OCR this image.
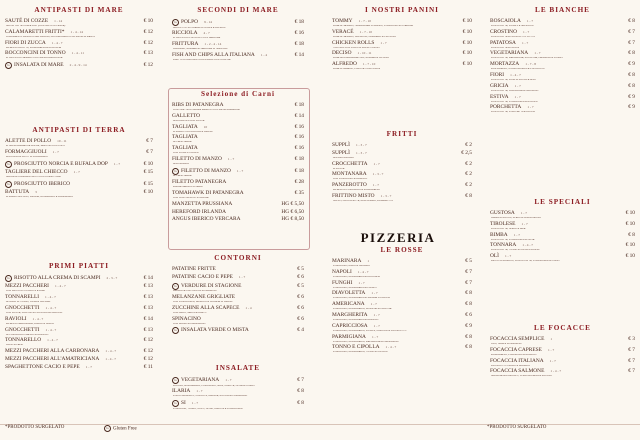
ANTIPASTI DI MARE
SAUTÉ DI COZZE 1 - 14	€ 10
"SAUTÉ" LATTE COZZE DOP (CON PESTO DI PESCE)
CALAMARETTI FRITTI* 1 - 4 - 14	€ 12
"CONDIMENTO PESCATO DEL GIORNO, ACCOMPAGNATO DA SALSA DI MENTA"
FIORI DI ZUCCA 1 - 4 - 7	€ 12
"RIPIENI DI RICOTTA, MOZZARELLA E ACCIUGHE"
BOCCONCINI DI TONNO 1 - 4 - 11	€ 13
"IN CROSTA DI SESAMO CON SALSA AGRODOLCE"
G INSALATA DI MARE 2 - 4 - 9 - 14	€ 12
ANTIPASTI DI TERRA
ALETTE DI POLLO 10 - 11	€ 7
"IN SALSA BARBECUE DOLCE, SERVITE CON CHIPS"
FORMAGGIUOLI 1 - 7	€ 7
"BOCCONCINI FRITTI DI FORMAGGIO"
G PROSCIUTTO NORCIA E BUFALA DOP 1 - 7	€ 10
TAGLIERE DEL CHIECCO 1 - 7	€ 15
"SALUMI E FORMAGGI MISTI CON CONFETTURE"
G PROSCIUTTO IBERICO	€ 15
BATTUTA 3	€ 10
"DI MANZO ALL'OLIO, LIMONE, ROSMARINO E PARMIGIANO"
PRIMI PIATTI
G RISOTTO ALLA CREMA DI SCAMPI 2 - 3 - 7	€ 14
MEZZI PACCHERI 1 - 4 - 7	€ 13
"CON PESTO DI PISTACCHI E LIME"
TONNARELLI 1 - 4 - 7	€ 13
"AL RAGÙ DI TONNO, OLIVE E CAPPERI"
GNOCCHETTI 1 - 4 - 7	€ 13
"CON PATATE, PACHINO E PROVOLA AFFUMICATA"
RAVIOLI 1 - 4 - 7	€ 14
"RIPIENI DI MELANZANE, BURRO E SALVIA"
GNOCCHETTI 1 - 4 - 7	€ 13
"AL POMODORO FRESCO E BASILICO"
TONNARELLO 1 - 4 - 7	€ 12
"CACIO E PEPE"
MEZZI PACCHERI ALLA CARBONARA 1 - 4 - 7	€ 12
MEZZI PACCHERI ALL'AMATRICIANA 1 - 4 - 7	€ 12
SPAGHETTONE CACIO E PEPE 1 - 7	€ 11
SECONDI DI MARE
G POLPO 9 - 14	€ 18
"ARROSTITO SU CREMA DI PATATE E PAPRIKA"
RICCIOLA 4 - 7	€ 16
"IN CROSTA DI PISTACCHI CON VERDURE"
FRITTURA 1 - 2 - 4 - 14	€ 18
"CALAMARI, GAMBERI E VERDURE IN TEMPURA"
FISH AND CHIPS ALLA ITALIANA 1 - 4	€ 14
"FILETTO DI BACCALÀ IN PASTELLA CON PATATINE"
Selezione di Carni
RIBS DI PATANEGRA	€ 18
"COSTOLETTE DI MAIALE IBERICO CON SALSA BARBECUE"
GALLETTO	€ 14
"ALLA DIAVOLA CON PATATE"
TAGLIATA 10	€ 16
"DI MANZO CON RUCOLA E GRANA"
TAGLIATA	€ 16
"AL PEPE VERDE"
TAGLIATA	€ 16
"CON FUNGHI PORCINI"
FILETTO DI MANZO 1 - 7	€ 18
"ALLA GRIGLIA"
G FILETTO DI MANZO 1 - 7	€ 18
"AL PEPE VERDE"
FILETTO PATANEGRA	€ 28
"MAIALE IBERICO AI FERRI"
TOMAHAWK DI PATANEGRA	€ 35
"CON CONTORNO DI STAGIONE"
MANZETTA PRUSSIANA	HG € 5,50
HEREFORD IRLANDA	HG € 6,50
ANGUS IBERICO VERCARA	HG € 8,50
CONTORNI
PATATINE FRITTE	€ 5
PATATINE CACIO E PEPE 1 - 7	€ 6
G VERDURE DI STAGIONE	€ 5
"GRIGLIATE CON OLIO AL ROSMARINO"
MELANZANE GRIGLIATE	€ 6
"CON POMODORINI, BASILICO E SCAGLIE DI GRANA"
ZUCCHINE ALLA SCAPECE 1 - 4	€ 6
"CON AGLIO, MENTA E ACETO"
SPINACINO	€ 6
"CON BURRO E PARMIGIANO"
G INSALATA VERDE O MISTA	€ 4
INSALATE
G VEGETARIANA 1 - 7	€ 7
"RUCOLA, MOZZARELLA, POMODORO, MAIS, CAROTE, OLIVE E FUNGHI"
ILARIA 1 - 7	€ 8
"POLLO GRIGLIATO, FINOCCHI, ARANCE, RUCOLA E FORMAGGIO"
G SI 1 - 7	€ 8
"POMODORI, TONNO, UOVO, OLIVE, CAROTE E POMODORINI"
I NOSTRI PANINI
TOMMY 1 - 7 - 10	€ 10
"PANE AL SESAMO, HAMBURGER DI MANZO, POMODORO E CHEDDAR"
VERACÉ 1 - 7 - 10	€ 10
"PANE AL SESAMO, SALSICCIA, FRIARIELLI E PROVOLA"
CHICKEN ROLLS 1 - 7	€ 10
"TORTILLA CON POLLO E SALSA YOGURT"
DECISO 1 - 10 - 11	€ 10
"PANE ALLA BARBABIETOLA, BURGER E CIPOLLA"
ALFREDO 1 - 7 - 10	€ 10
"PANE AI CEREALI, PORCHETTA E PATATE"
FRITTI
SUPPLÌ 1 - 3 - 7	€ 2
SUPPLÌ 1 - 3 - 7	€ 2,5
"ALL'AMATRICIANA"
CROCCHETTA 1 - 7	€ 2
"DI PATATE"
MONTANARA 1 - 3 - 7	€ 2
"CON POMODORO E BASILICO"
PANZEROTTO 1 - 7	€ 2
"RIPIENO DI POMODORO E MOZZARELLA"
FRITTINO MISTO 1 - 3 - 7	€ 8
"SUPPLÌ, CROCCHETTE, MONTANARA, PANZEROTTO"
PIZZERIA
LE ROSSE
MARINARA 1	€ 5
"POMODORO, AGLIO E ORIGANO"
NAPOLI 1 - 4 - 7	€ 7
"POMODORO, MOZZARELLA E ACCIUGHE"
FUNGHI 1 - 7	€ 7
"POMODORO, MOZZARELLA E FUNGHI"
DIAVOLETTA 1 - 7	€ 8
"POMODORO, MOZZARELLA E SALAME PICCANTE"
AMERICANA 1 - 7	€ 8
"POMODORO, MOZZARELLA, WÜRSTEL E PATATINE"
MARGHERITA 1 - 7	€ 6
"POMODORO, MOZZARELLA E BASILICO"
CAPRICCIOSA 1 - 7	€ 9
"POMODORO, MOZZARELLA, FUNGHI, CARCIOFI E PROSCIUTTO"
PARMIGIANA 1 - 7	€ 8
"POMODORO, MOZZARELLA, MELANZANE E PARMIGIANO"
TONNO E CIPOLLA 1 - 4 - 7	€ 8
"POMODORO, MOZZARELLA, TONNO E CIPOLLA"
LE BIANCHE
BOSCAIOLA 1 - 7	€ 8
"FIOR DI LATTE, FUNGHI E SALSICCIA"
CROSTINO 1 - 7	€ 7
"FIOR DI LATTE E PROSCIUTTO COTTO"
PATATOSA 1 - 7	€ 7
"FIOR DI LATTE E PATATE"
VEGETARIANA 1 - 7	€ 8
"FIOR DI LATTE, MELANZANE, ZUCCHINE, PEPERONI E FUNGHI"
MORTAZZA 1 - 7 - 8	€ 9
"MORTADELLA, STRACCIATELLA E PISTACCHIO"
FIORI 1 - 4 - 7	€ 8
"FIOR DI LATTE, FIORI DI ZUCCA E ALICI"
GRICIA 1 - 7	€ 8
"FIOR DI LATTE, GUANCIALE E PECORINO"
ESTIVA 1 - 7	€ 9
"FIOR DI LATTE, POMODORINI E RUCOLA"
PORCHETTA 1 - 7	€ 9
"FIOR DI LATTE, PORCHETTA E PATATE"
LE SPECIALI
GUSTOSA 1 - 7	€ 10
"CREMA DI ZUCCA, SPECK E GORGONZOLA"
TIROLESE 1 - 7	€ 10
"FIOR DI LATTE, SPECK E BRIE"
BIMBA 1 - 7	€ 8
"FIOR DI LATTE, POMODORINI E OLIVE"
TONNARA 1 - 4 - 7	€ 10
"FIOR DI LATTE, TONNO E CIPOLLA ROSSA"
OLÌ 1 - 7	€ 10
"PESTO DI BASILICO, FIOR DI LATTE, POMODORINI E PINOLI"
LE FOCACCE
FOCACCIA SEMPLICE 1	€ 3
"OLIO, SALE E ROSMARINO"
FOCACCIA CAPRESE 1 - 7	€ 7
"MOZZARELLA, POMODORO E BASILICO"
FOCACCIA ITALIANA 1 - 7	€ 7
"PROSCIUTTO CRUDO E BURRATA"
FOCACCIA SALMONE 1 - 4 - 7	€ 7
"SALMONE AFFUMICATO, STRACCIATELLA E RUCOLA"
*PRODOTTO SURGELATO	G Gluten Free	*PRODOTTO SURGELATO
